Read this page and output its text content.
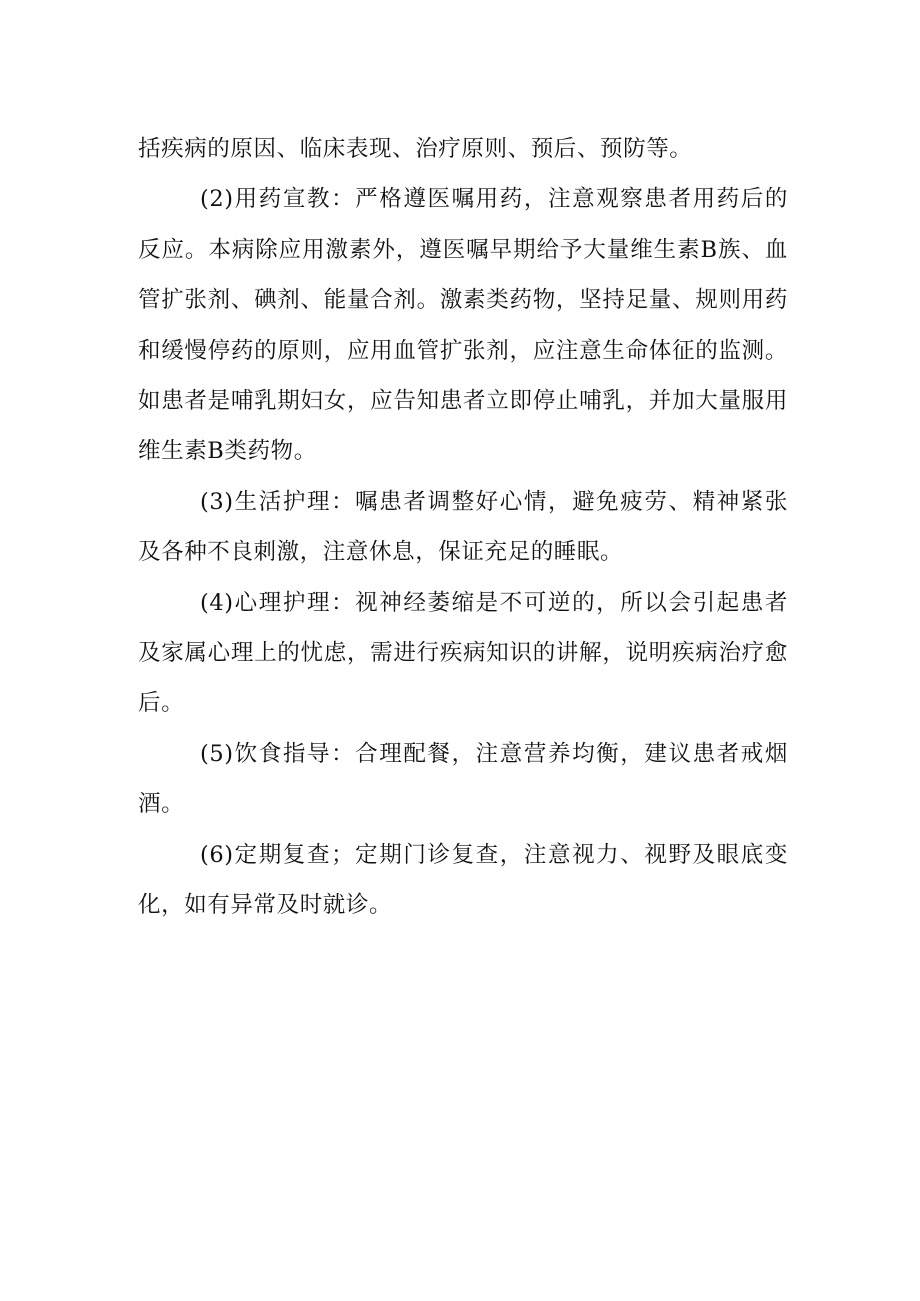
括疾病的原因、临床表现、治疗原则、预后、预防等。

(2)用药宣教：严格遵医嘱用药，注意观察患者用药后的反应。本病除应用激素外，遵医嘱早期给予大量维生素B族、血管扩张剂、碘剂、能量合剂。激素类药物，坚持足量、规则用药和缓慢停药的原则，应用血管扩张剂，应注意生命体征的监测。如患者是哺乳期妇女，应告知患者立即停止哺乳，并加大量服用维生素B类药物。

(3)生活护理：嘱患者调整好心情，避免疲劳、精神紧张及各种不良刺激，注意休息，保证充足的睡眠。

(4)心理护理：视神经萎缩是不可逆的，所以会引起患者及家属心理上的忧虑，需进行疾病知识的讲解，说明疾病治疗愈后。

(5)饮食指导：合理配餐，注意营养均衡，建议患者戒烟酒。

(6)定期复查；定期门诊复查，注意视力、视野及眼底变化，如有异常及时就诊。
